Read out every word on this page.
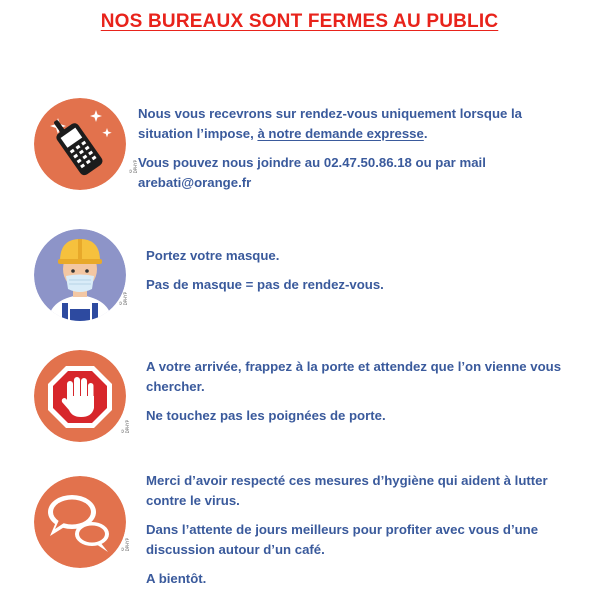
NOS BUREAUX SONT FERMES AU PUBLIC
© DPHYP

Nous vous recevrons sur rendez-vous uniquement lorsque la situation l’impose, à notre demande expresse.

Vous pouvez nous joindre au 02.47.50.86.18 ou par mail arebati@orange.fr

© DPHYP

Portez votre masque.

Pas de masque = pas de rendez-vous.

© DPHYP

A votre arrivée, frappez à la porte et attendez que l’on vienne vous chercher.

Ne touchez pas les poignées de porte.

© DPHYP

Merci d’avoir respecté ces mesures d’hygiène qui aident à lutter contre le virus.

Dans l’attente de jours meilleurs pour profiter avec vous d’une discussion autour d’un café.

A bientôt.
